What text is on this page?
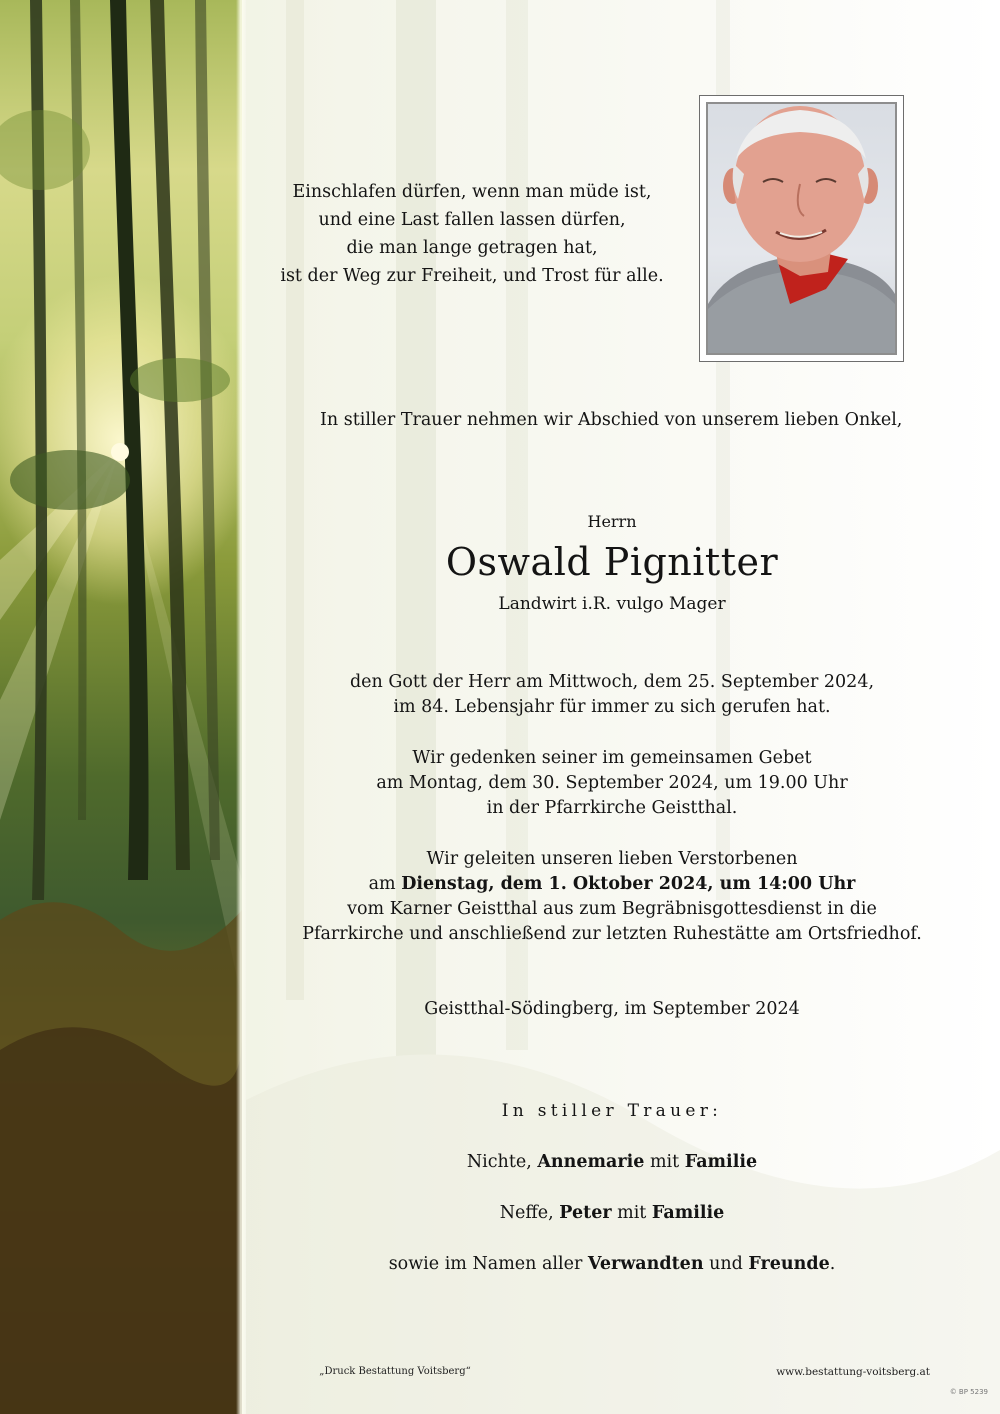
Einschlafen dürfen, wenn man müde ist,
und eine Last fallen lassen dürfen,
die man lange getragen hat,
ist der Weg zur Freiheit, und Trost für alle.
In stiller Trauer nehmen wir Abschied von unserem lieben Onkel,
Herrn
Oswald Pignitter
Landwirt i.R. vulgo Mager
den Gott der Herr am Mittwoch, dem 25. September 2024,
im 84. Lebensjahr für immer zu sich gerufen hat.
Wir gedenken seiner im gemeinsamen Gebet
am Montag, dem 30. September 2024, um 19.00 Uhr
in der Pfarrkirche Geistthal.
Wir geleiten unseren lieben Verstorbenen
am Dienstag, dem 1. Oktober 2024, um 14:00 Uhr
vom Karner Geistthal aus zum Begräbnisgottesdienst in die
Pfarrkirche und anschließend zur letzten Ruhestätte am Ortsfriedhof.
Geistthal-Södingberg, im September 2024
In stiller Trauer:
Nichte, Annemarie mit Familie
Neffe, Peter mit Familie
sowie im Namen aller Verwandten und Freunde.
„Druck Bestattung Voitsberg“	www.bestattung-voitsberg.at
© BP 5239
